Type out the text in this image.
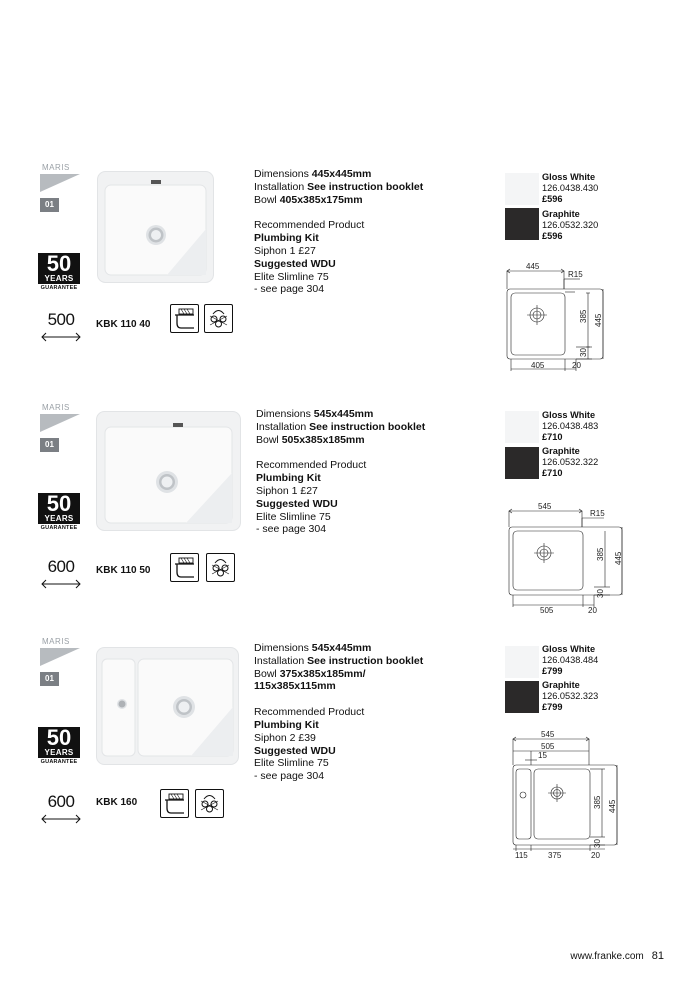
MARIS
01
50
YEARS
GUARANTEE
500	KBK 110 40
Dimensions 445x445mm
Installation See instruction booklet
Bowl 405x385x175mm
Recommended Product
Plumbing Kit
Siphon 1 £27
Suggested WDU
Elite Slimline 75
- see page 304
Gloss White
126.0438.430
£596
Graphite
126.0532.320
£596
445
R15
385 445
30
405	20
MARIS
01
50
YEARS
GUARANTEE
600	KBK 110 50
Dimensions 545x445mm
Installation See instruction booklet
Bowl 505x385x185mm
Recommended Product
Plumbing Kit
Siphon 1 £27
Suggested WDU
Elite Slimline 75
- see page 304
Gloss White
126.0438.483
£710
Graphite
126.0532.322
£710
545
R15
385 445
30
505	20
MARIS
01
50
YEARS
GUARANTEE
600	KBK 160
Dimensions 545x445mm
Installation See instruction booklet
Bowl 375x385x185mm/
115x385x115mm
Recommended Product
Plumbing Kit
Siphon 2 £39
Suggested WDU
Elite Slimline 75
- see page 304
Gloss White
126.0438.484
£799
Graphite
126.0532.323
£799
545
505
15
385 445
30
115	375	20
www.franke.com 81
